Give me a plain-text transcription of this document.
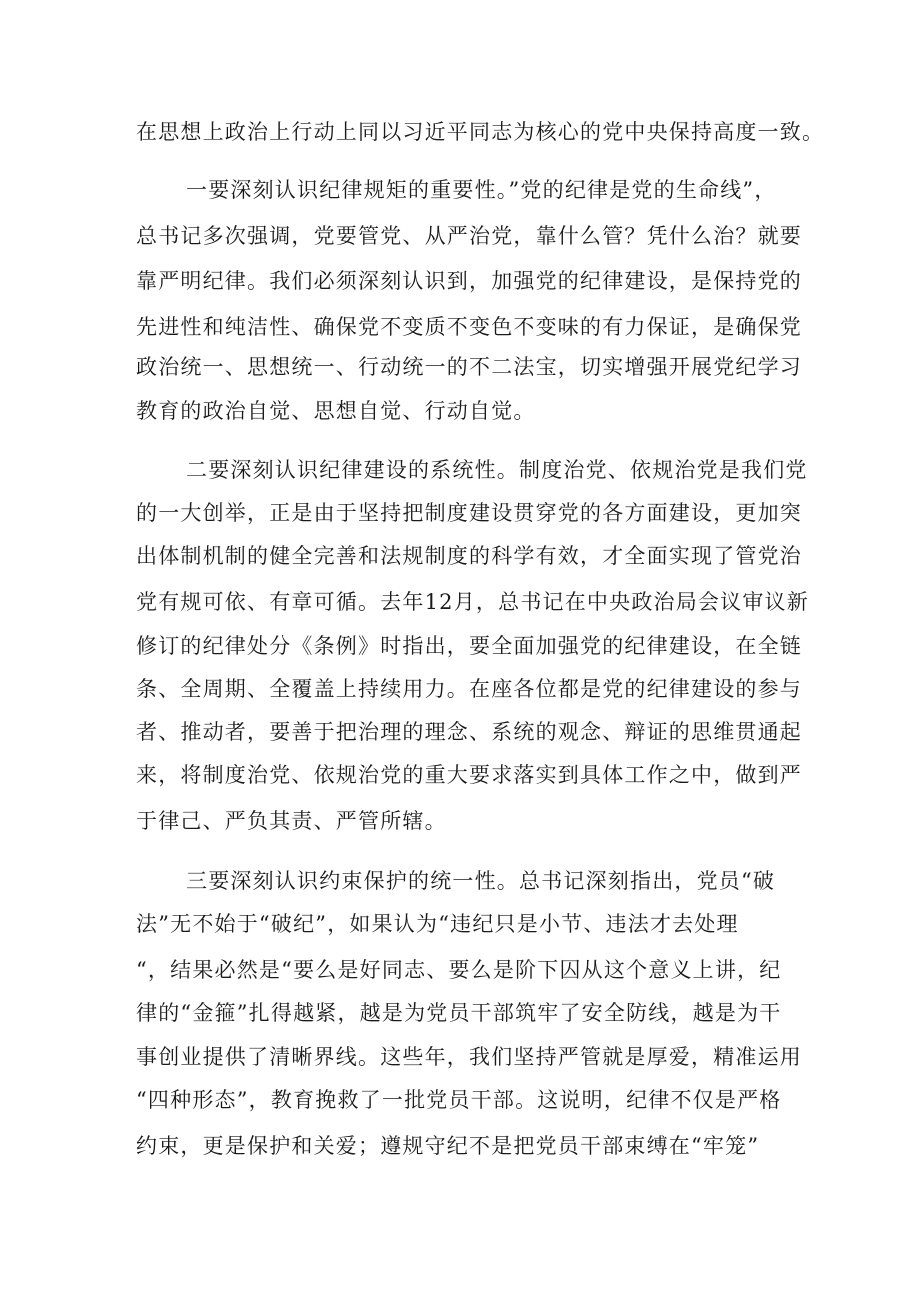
在思想上政治上行动上同以习近平同志为核心的党中央保持高度一致。
一要深刻认识纪律规矩的重要性。”党的纪律是党的生命线”，
总书记多次强调，党要管党、从严治党，靠什么管？凭什么治？就要
靠严明纪律。我们必须深刻认识到，加强党的纪律建设，是保持党的
先进性和纯洁性、确保党不变质不变色不变味的有力保证，是确保党
政治统一、思想统一、行动统一的不二法宝，切实增强开展党纪学习
教育的政治自觉、思想自觉、行动自觉。
二要深刻认识纪律建设的系统性。制度治党、依规治党是我们党
的一大创举，正是由于坚持把制度建设贯穿党的各方面建设，更加突
出体制机制的健全完善和法规制度的科学有效，才全面实现了管党治
党有规可依、有章可循。去年12月，总书记在中央政治局会议审议新
修订的纪律处分《条例》时指出，要全面加强党的纪律建设，在全链
条、全周期、全覆盖上持续用力。在座各位都是党的纪律建设的参与
者、推动者，要善于把治理的理念、系统的观念、辩证的思维贯通起
来，将制度治党、依规治党的重大要求落实到具体工作之中，做到严
于律己、严负其责、严管所辖。
三要深刻认识约束保护的统一性。总书记深刻指出，党员“破
法”无不始于“破纪”，如果认为“违纪只是小节、违法才去处理
“，结果必然是“要么是好同志、要么是阶下囚从这个意义上讲，纪
律的“金箍”扎得越紧，越是为党员干部筑牢了安全防线，越是为干
事创业提供了清晰界线。这些年，我们坚持严管就是厚爱，精准运用
“四种形态”，教育挽救了一批党员干部。这说明，纪律不仅是严格
约束，更是保护和关爱；遵规守纪不是把党员干部束缚在“牢笼”
